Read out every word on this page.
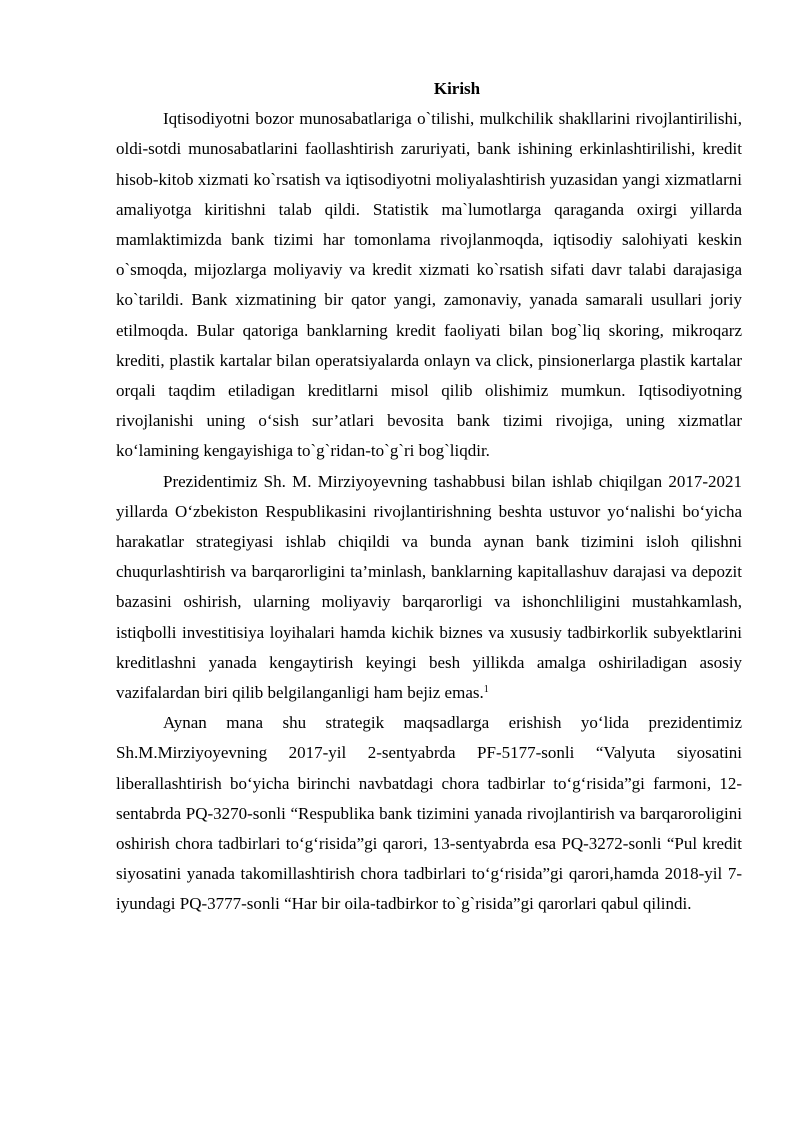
Kirish

Iqtisodiyotni bozor munosabatlariga o`tilishi, mulkchilik shakllarini rivojlantirilishi, oldi-sotdi munosabatlarini faollashtirish zaruriyati, bank ishining erkinlashtirilishi, kredit hisob-kitob xizmati ko`rsatish va iqtisodiyotni moliyalashtirish yuzasidan yangi xizmatlarni amaliyotga kiritishni talab qildi. Statistik ma`lumotlarga qaraganda oxirgi yillarda mamlaktimizda bank tizimi har tomonlama rivojlanmoqda, iqtisodiy salohiyati keskin o`smoqda, mijozlarga moliyaviy va kredit xizmati ko`rsatish sifati davr talabi darajasiga ko`tarildi. Bank xizmatining bir qator yangi, zamonaviy, yanada samarali usullari joriy etilmoqda. Bular qatoriga banklarning kredit faoliyati bilan bog`liq skoring, mikroqarz krediti, plastik kartalar bilan operatsiyalarda onlayn va click, pinsionerlarga plastik kartalar orqali taqdim etiladigan kreditlarni misol qilib olishimiz mumkun. Iqtisodiyotning rivojlanishi uning o‘sish sur’atlari bevosita bank tizimi rivojiga, uning xizmatlar ko‘lamining kengayishiga to`g`ridan-to`g`ri bog`liqdir.

Prezidentimiz Sh. M. Mirziyoyevning tashabbusi bilan ishlab chiqilgan 2017-2021 yillarda O‘zbekiston Respublikasini rivojlantirishning beshta ustuvor yo‘nalishi bo‘yicha harakatlar strategiyasi ishlab chiqildi va bunda aynan bank tizimini isloh qilishni chuqurlashtirish va barqarorligini ta’minlash, banklarning kapitallashuv darajasi va depozit bazasini oshirish, ularning moliyaviy barqarorligi va ishonchliligini mustahkamlash, istiqbolli investitisiya loyihalari hamda kichik biznes va xususiy tadbirkorlik subyektlarini kreditlashni yanada kengaytirish keyingi besh yillikda amalga oshiriladigan asosiy vazifalardan biri qilib belgilanganligi ham bejiz emas.$^1$

Aynan mana shu strategik maqsadlarga erishish yo‘lida prezidentimiz Sh.M.Mirziyoyevning 2017-yil 2-sentyabrda PF-5177-sonli “Valyuta siyosatini liberallashtirish bo‘yicha birinchi navbatdagi chora tadbirlar to‘g‘risida”gi farmoni, 12-sentabrda PQ-3270-sonli “Respublika bank tizimini yanada rivojlantirish va barqaroroligini oshirish chora tadbirlari to‘g‘risida”gi qarori, 13-sentyabrda esa PQ-3272-sonli “Pul kredit siyosatini yanada takomillashtirish chora tadbirlari to‘g‘risida”gi qarori,hamda 2018-yil 7-iyundagi PQ-3777-sonli “Har bir oila-tadbirkor to`g`risida”gi qarorlari qabul qilindi.
